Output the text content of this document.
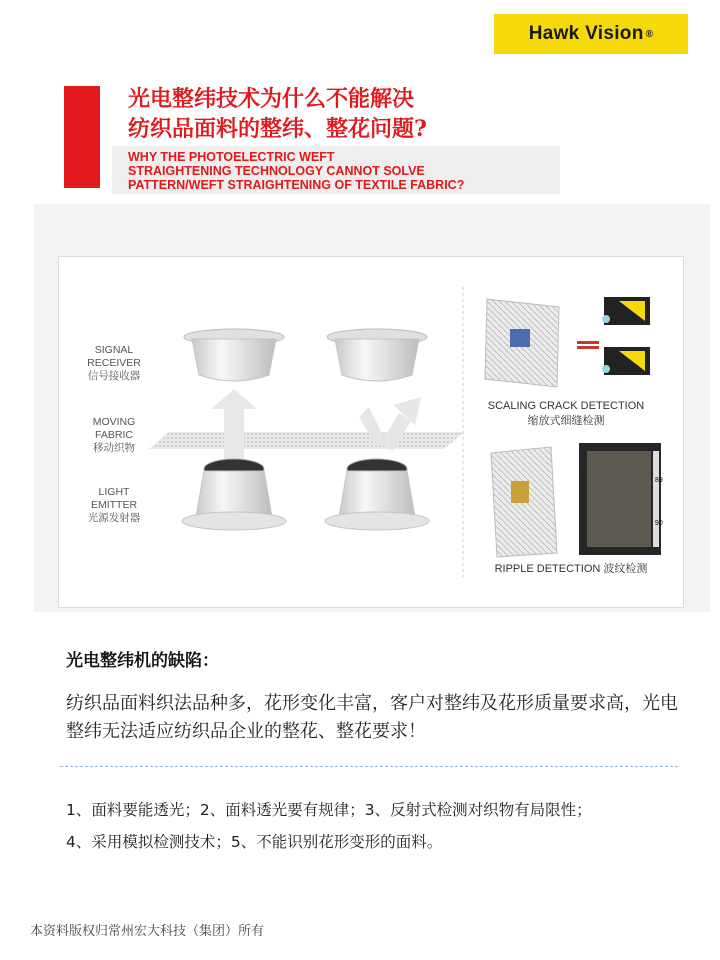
Hawk Vision ®
光电整纬技术为什么不能解决
纺织品面料的整纬、整花问题?
WHY THE PHOTOELECTRIC WEFT
STRAIGHTENING TECHNOLOGY CANNOT SOLVE
PATTERN/WEFT STRAIGHTENING OF TEXTILE FABRIC?
89
90
SIGNAL
RECEIVER
信号接收器
MOVING
FABRIC
移动织物
LIGHT
EMITTER
光源发射器
SCALING CRACK DETECTION
缩放式细缝检测
RIPPLE DETECTION 波纹检测
光电整纬机的缺陷：
纺织品面料织法品种多，花形变化丰富，客户对整纬及花形质量要求高，光电整纬无法适应纺织品企业的整花、整花要求！
1、面料要能透光；2、面料透光要有规律；3、反射式检测对织物有局限性；
4、采用模拟检测技术；5、不能识别花形变形的面料。
本资料版权归常州宏大科技（集团）所有
